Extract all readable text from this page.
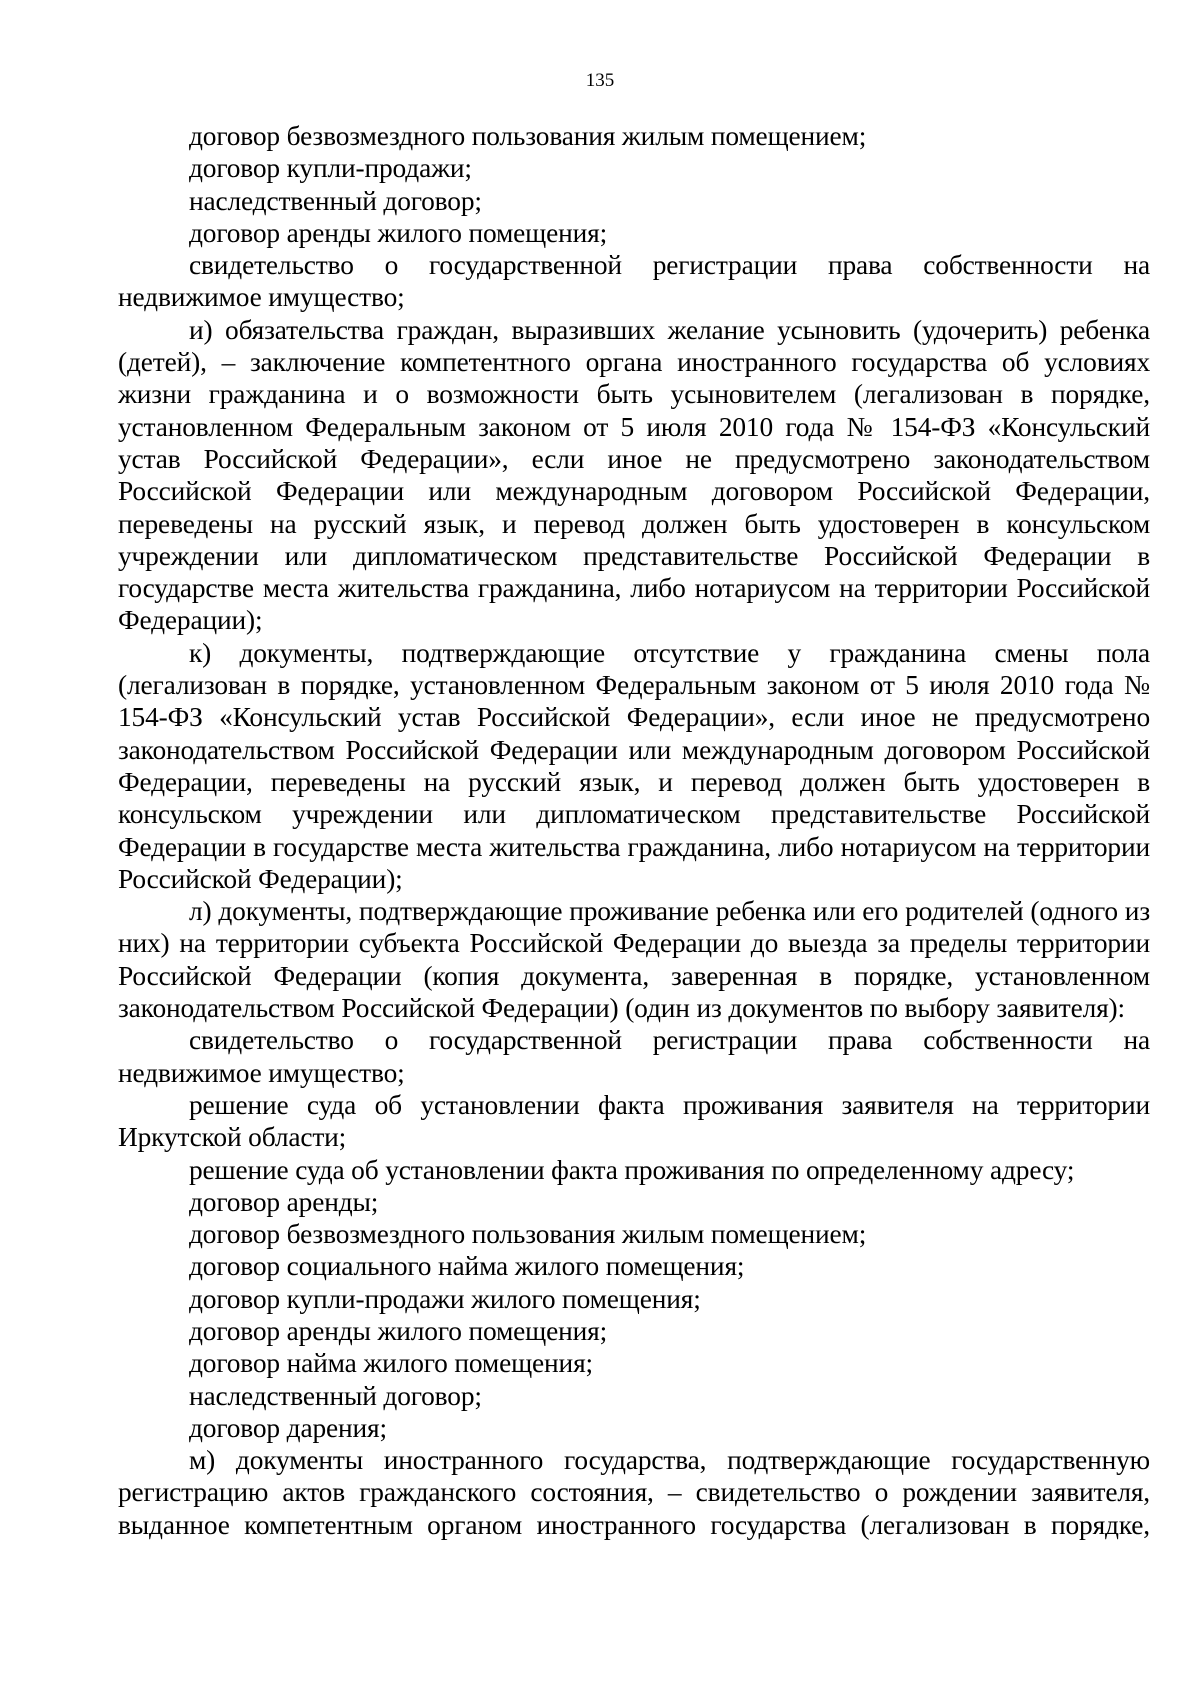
135

договор безвозмездного пользования жилым помещением;

договор купли-продажи;

наследственный договор;

договор аренды жилого помещения;

свидетельство о государственной регистрации права собственности на недвижимое имущество;

и) обязательства граждан, выразивших желание усыновить (удочерить) ребенка (детей), – заключение компетентного органа иностранного государства об условиях жизни гражданина и о возможности быть усыновителем (легализован в порядке, установленном Федеральным законом от 5 июля 2010 года № 154-ФЗ «Консульский устав Российской Федерации», если иное не предусмотрено законодательством Российской Федерации или международным договором Российской Федерации, переведены на русский язык, и перевод должен быть удостоверен в консульском учреждении или дипломатическом представительстве Российской Федерации в государстве места жительства гражданина, либо нотариусом на территории Российской Федерации);

к) документы, подтверждающие отсутствие у гражданина смены пола (легализован в порядке, установленном Федеральным законом от 5 июля 2010 года № 154-ФЗ «Консульский устав Российской Федерации», если иное не предусмотрено законодательством Российской Федерации или международным договором Российской Федерации, переведены на русский язык, и перевод должен быть удостоверен в консульском учреждении или дипломатическом представительстве Российской Федерации в государстве места жительства гражданина, либо нотариусом на территории Российской Федерации);

л) документы, подтверждающие проживание ребенка или его родителей (одного из них) на территории субъекта Российской Федерации до выезда за пределы территории Российской Федерации (копия документа, заверенная в порядке, установленном законодательством Российской Федерации) (один из документов по выбору заявителя):

свидетельство о государственной регистрации права собственности на недвижимое имущество;

решение суда об установлении факта проживания заявителя на территории Иркутской области;

решение суда об установлении факта проживания по определенному адресу;

договор аренды;

договор безвозмездного пользования жилым помещением;

договор социального найма жилого помещения;

договор купли-продажи жилого помещения;

договор аренды жилого помещения;

договор найма жилого помещения;

наследственный договор;

договор дарения;

м) документы иностранного государства, подтверждающие государственную регистрацию актов гражданского состояния, – свидетельство о рождении заявителя, выданное компетентным органом иностранного государства (легализован в порядке,
